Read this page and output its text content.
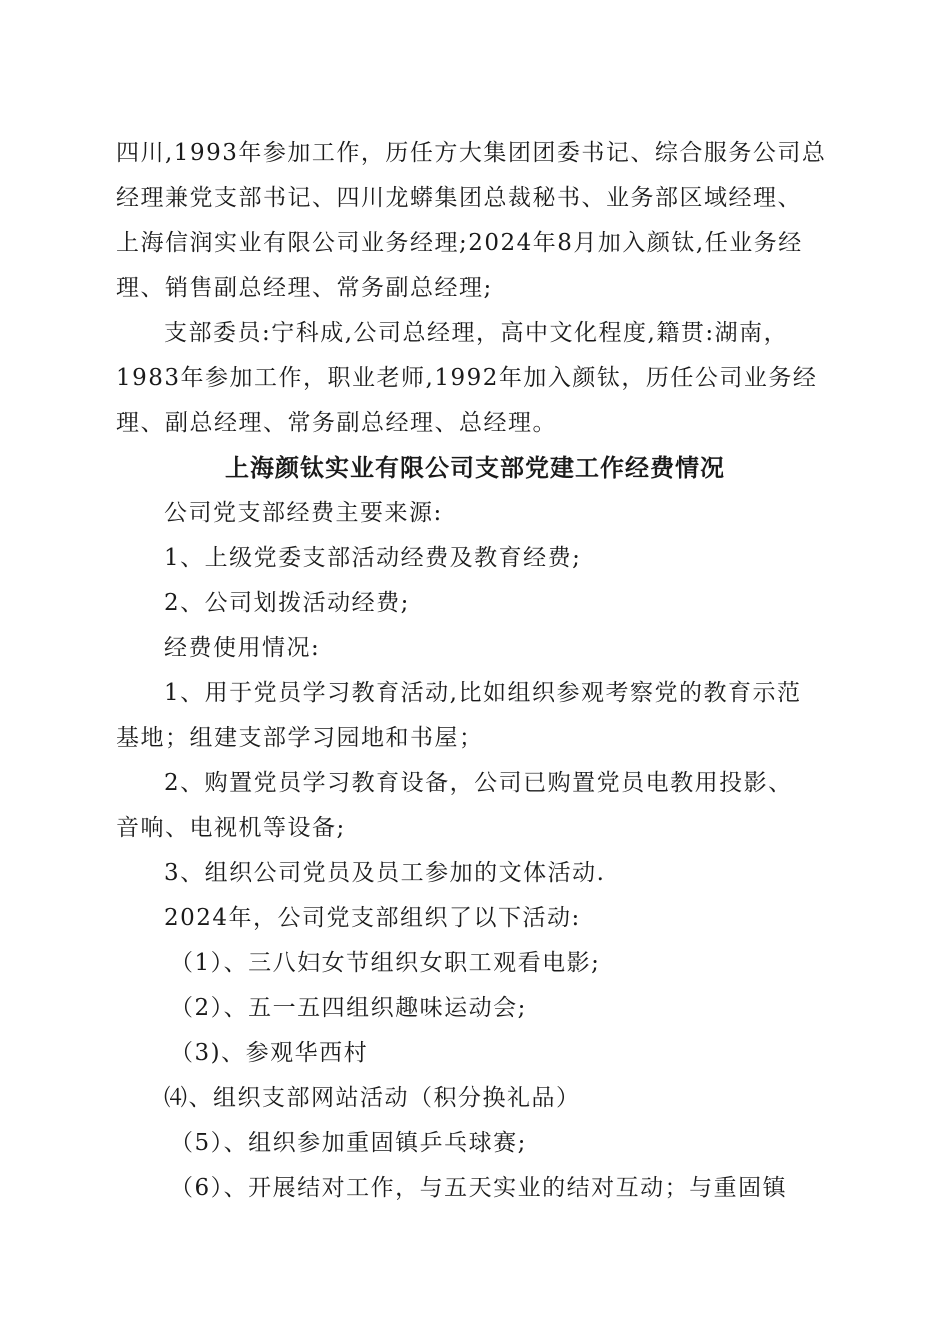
四川,1993年参加工作，历任方大集团团委书记、综合服务公司总
经理兼党支部书记、四川龙蟒集团总裁秘书、业务部区域经理、
上海信润实业有限公司业务经理;2024年8月加入颜钛,任业务经
理、销售副总经理、常务副总经理;
支部委员:宁科成,公司总经理，高中文化程度,籍贯:湖南，
1983年参加工作，职业老师,1992年加入颜钛，历任公司业务经
理、副总经理、常务副总经理、总经理。
上海颜钛实业有限公司支部党建工作经费情况
公司党支部经费主要来源:
1、上级党委支部活动经费及教育经费;
2、公司划拨活动经费;
经费使用情况:
1、用于党员学习教育活动,比如组织参观考察党的教育示范
基地；组建支部学习园地和书屋；
2、购置党员学习教育设备，公司已购置党员电教用投影、
音响、电视机等设备;
3、组织公司党员及员工参加的文体活动.
2024年，公司党支部组织了以下活动:
（1）、三八妇女节组织女职工观看电影;
（2）、五一五四组织趣味运动会;
（3)、参观华西村
⑷、组织支部网站活动（积分换礼品）
（5）、组织参加重固镇乒乓球赛;
（6）、开展结对工作，与五天实业的结对互动；与重固镇
